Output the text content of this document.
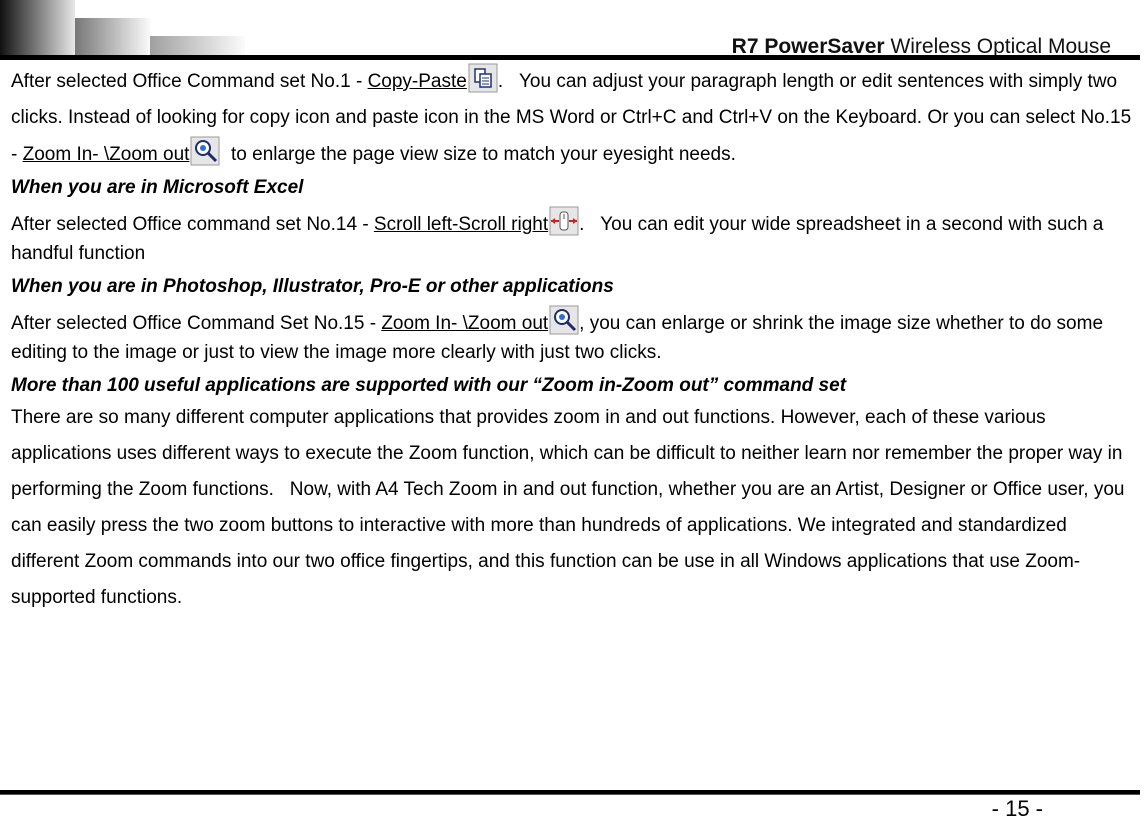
R7 PowerSaver Wireless Optical Mouse

After selected Office Command set No.1 - Copy-Paste .   You can adjust your paragraph length or edit sentences with simply two clicks. Instead of looking for copy icon and paste icon in the MS Word or Ctrl+C and Ctrl+V on the Keyboard. Or you can select No.15 - Zoom In- \Zoom out
to enlarge the page view size to match your eyesight needs.

When you are in Microsoft Excel

After selected Office command set No.14 - Scroll left-Scroll right .   You can edit your wide spreadsheet in a second with such a handful function

When you are in Photoshop, Illustrator, Pro-E or other applications

After selected Office Command Set No.15 - Zoom In- \Zoom out , you can enlarge or shrink the image size whether to do some editing to the image or just to view the image more clearly with just two clicks.

More than 100 useful applications are supported with our “Zoom in-Zoom out” command set

There are so many different computer applications that provides zoom in and out functions. However, each of these various applications uses different ways to execute the Zoom function, which can be difficult to neither learn nor remember the proper way in performing the Zoom functions.   Now, with A4 Tech Zoom in and out function, whether you are an Artist, Designer or Office user, you can easily press the two zoom buttons to interactive with more than hundreds of applications. We integrated and standardized different Zoom commands into our two office fingertips, and this function can be use in all Windows applications that use Zoom-supported functions.

- 15 -
